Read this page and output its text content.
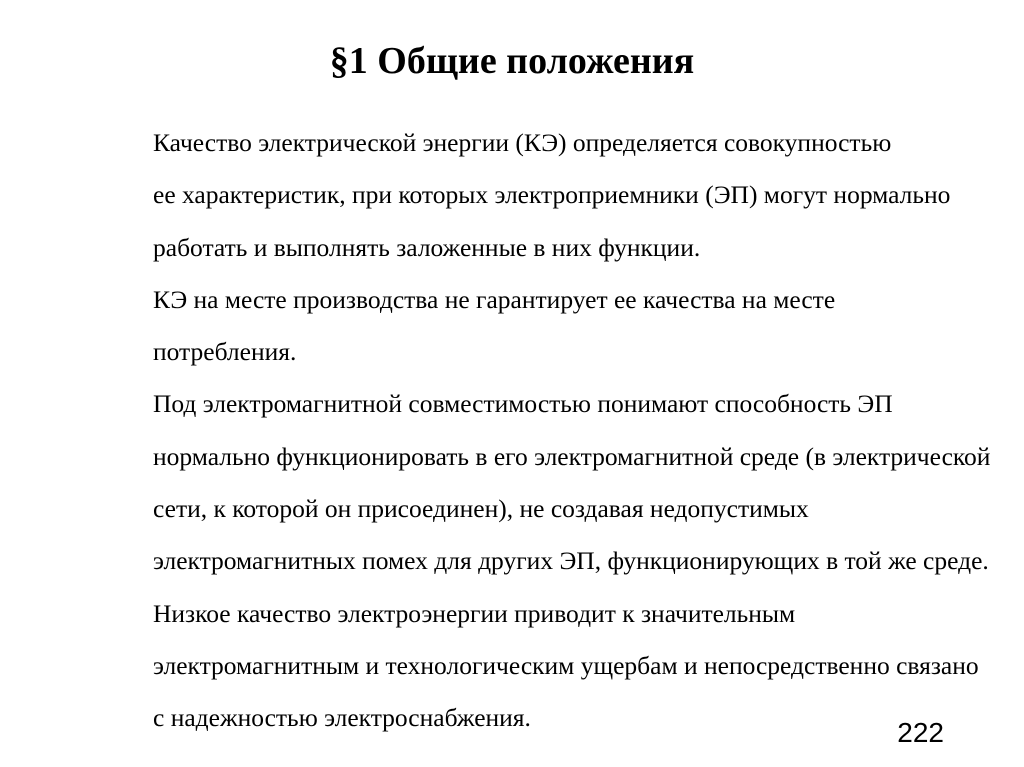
§1 Общие положения

Качество электрической энергии (КЭ) определяется совокупностью
ее характеристик, при которых электроприемники (ЭП) могут нормально
работать и выполнять заложенные в них функции.

КЭ на месте производства не гарантирует ее качества на месте
потребления.

Под электромагнитной совместимостью понимают способность ЭП
нормально функционировать в его электромагнитной среде (в электрической
сети, к которой он присоединен), не создавая недопустимых
электромагнитных помех для других ЭП, функционирующих в той же среде.

Низкое качество электроэнергии приводит к значительным
электромагнитным и технологическим ущербам и непосредственно связано
с надежностью электроснабжения.	222
